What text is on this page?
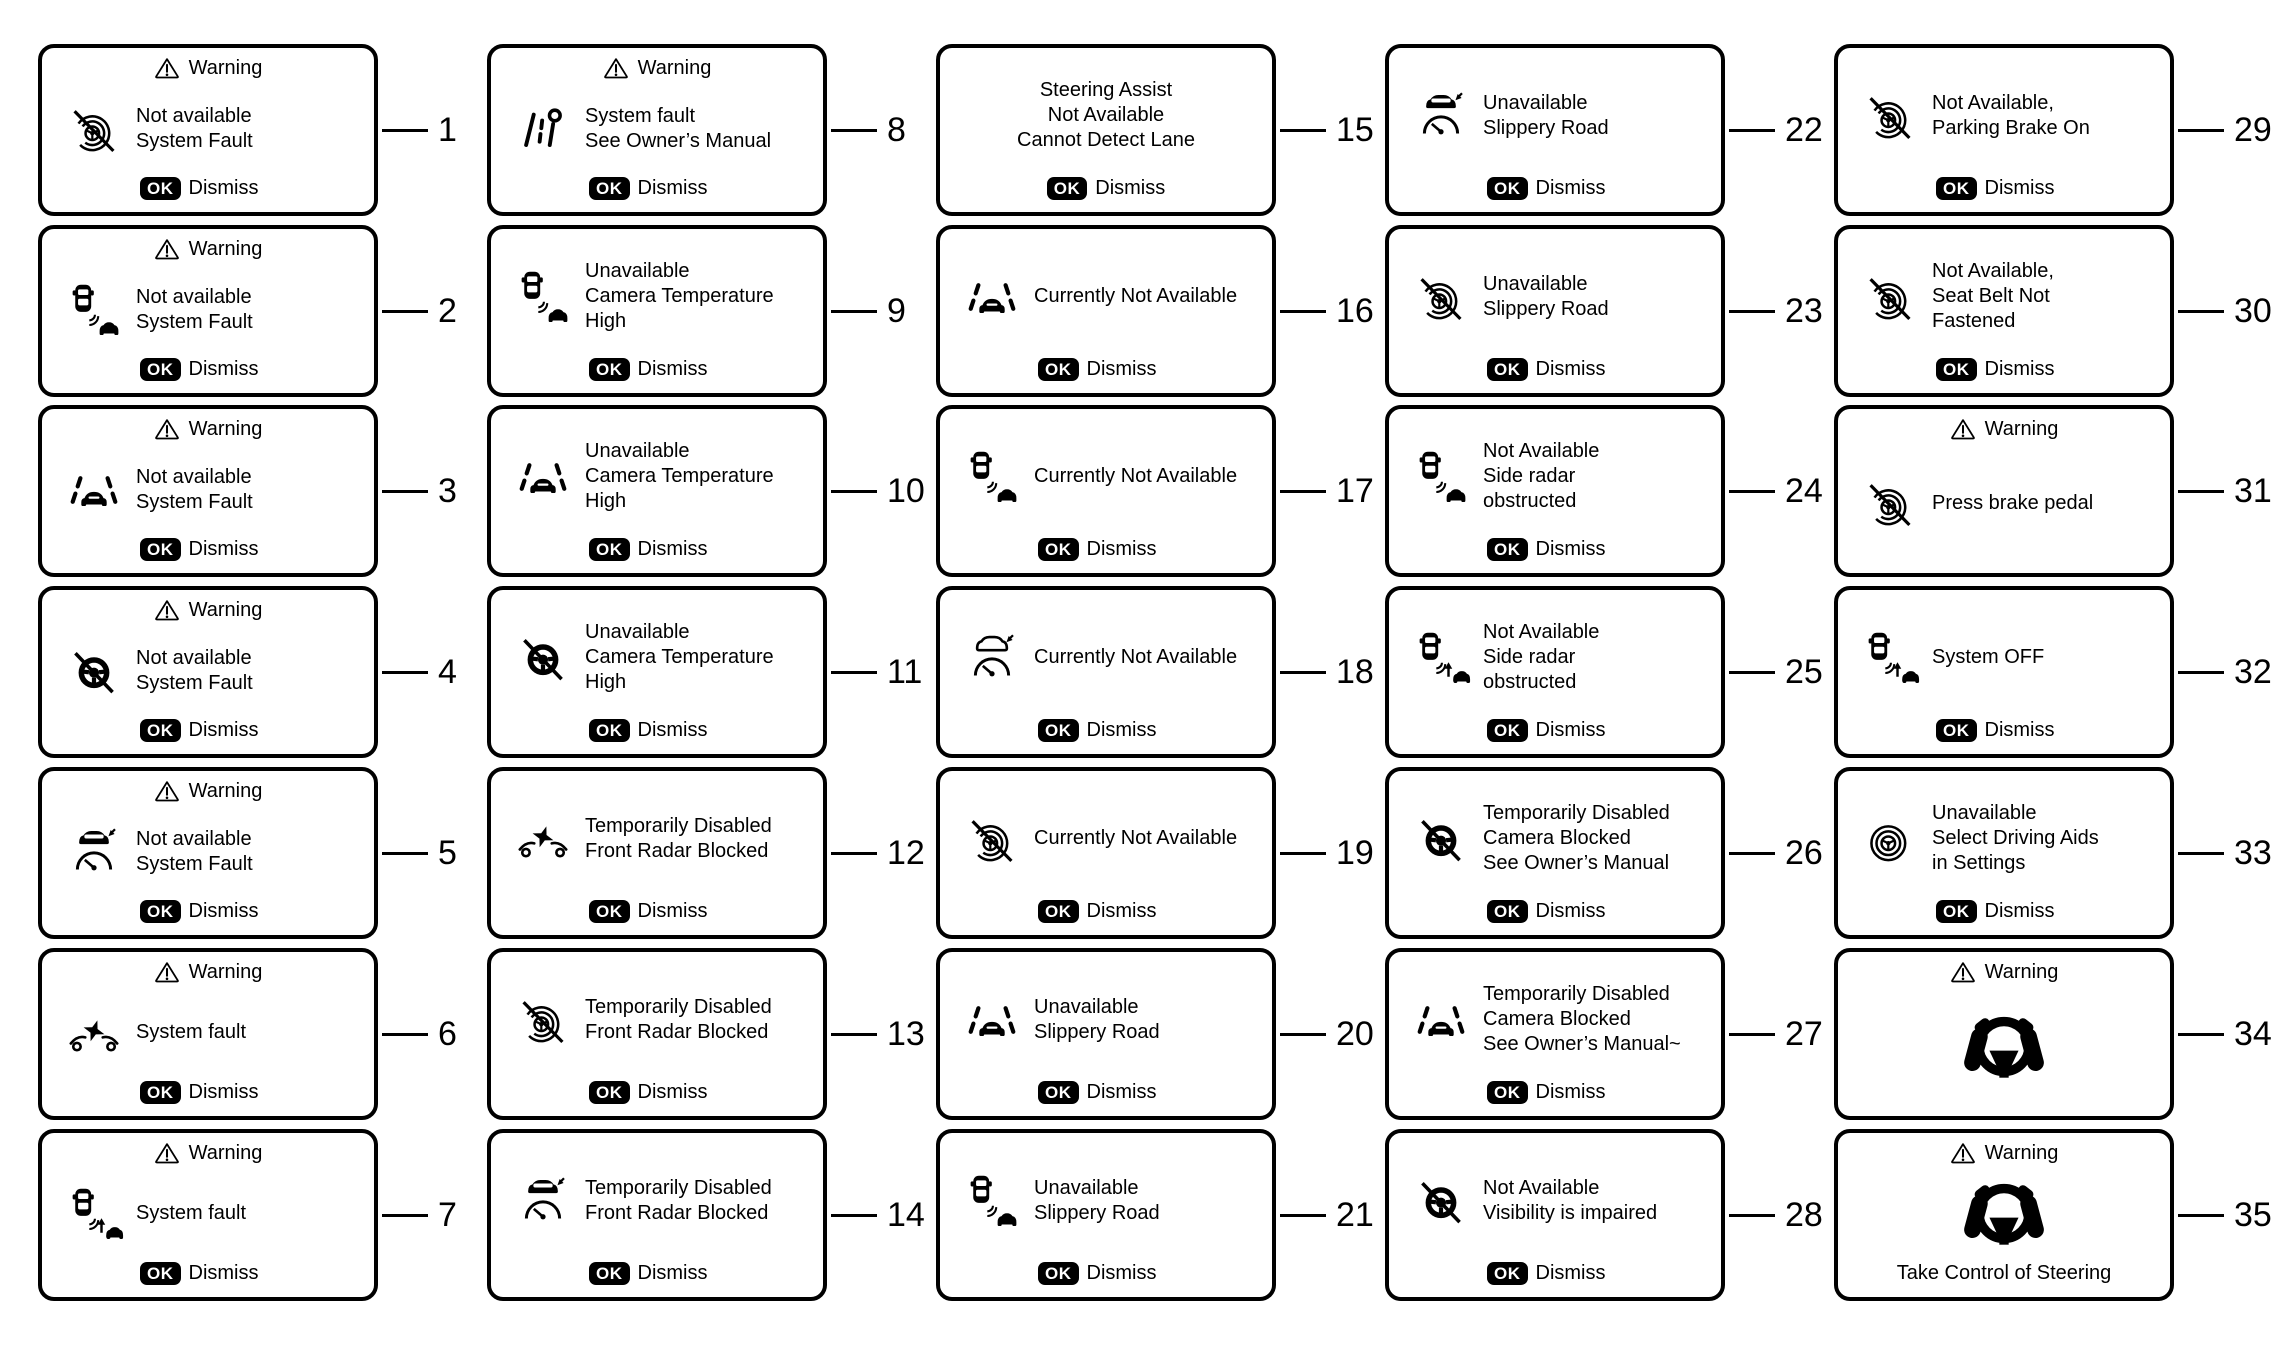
Warning
Not available
System Fault
OK Dismiss
1
Warning
Not available
System Fault
OK Dismiss
2
Warning
Not available
System Fault
OK Dismiss
3
Warning
Not available
System Fault
OK Dismiss
4
Warning
Not available
System Fault
OK Dismiss
5
Warning
System fault
OK Dismiss
6
Warning
System fault
OK Dismiss
7
Warning
System fault
See Owner’s Manual
OK Dismiss
8
Unavailable
Camera Temperature
High
OK Dismiss
9
Unavailable
Camera Temperature
High
OK Dismiss
10
Unavailable
Camera Temperature
High
OK Dismiss
11
Temporarily Disabled
Front Radar Blocked
OK Dismiss
12
Temporarily Disabled
Front Radar Blocked
OK Dismiss
13
Temporarily Disabled
Front Radar Blocked
OK Dismiss
14
Steering Assist
Not Available
Cannot Detect Lane
OK Dismiss
15
Currently Not Available
OK Dismiss
16
Currently Not Available
OK Dismiss
17
Currently Not Available
OK Dismiss
18
Currently Not Available
OK Dismiss
19
Unavailable
Slippery Road
OK Dismiss
20
Unavailable
Slippery Road
OK Dismiss
21
Unavailable
Slippery Road
OK Dismiss
22
Unavailable
Slippery Road
OK Dismiss
23
Not Available
Side radar
obstructed
OK Dismiss
24
Not Available
Side radar
obstructed
OK Dismiss
25
Temporarily Disabled
Camera Blocked
See Owner’s Manual
OK Dismiss
26
Temporarily Disabled
Camera Blocked
See Owner’s Manual~
OK Dismiss
27
Not Available
Visibility is impaired
OK Dismiss
28
Not Available,
Parking Brake On
OK Dismiss
29
Not Available,
Seat Belt Not
Fastened
OK Dismiss
30
Warning
Press brake pedal	31
System OFF
OK Dismiss
32
Unavailable
Select Driving Aids
in Settings
OK Dismiss
33
Warning
34
Warning
Take Control of Steering
35
